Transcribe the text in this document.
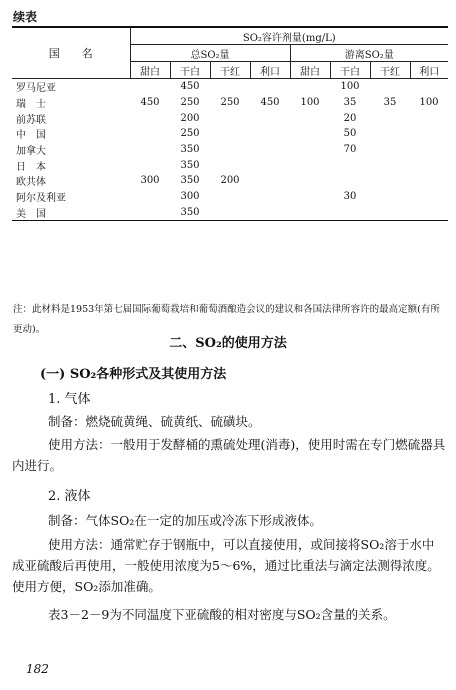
续表
国　　名	SO₂容许剂量(mg/L)							
	总SO₂量				游离SO₂量			
	甜白	干白	干红	利口	甜白	干白	干红	利口
罗马尼亚		450				100		
瑞　士	450	250	250	450	100	35	35	100
前苏联		200				20		
中　国		250				50		
加拿大		350				70		
日　本		350						
欧共体	300	350	200					
阿尔及利亚		300				30		
美　国		350						
注：此材料是1953年第七届国际葡萄栽培和葡萄酒酿造会议的建议和各国法律所容许的最高定额(有所更动)。
二、SO₂的使用方法
(一) SO₂各种形式及其使用方法
1. 气体
制备：燃烧硫黄绳、硫黄纸、硫磺块。
使用方法：一般用于发酵桶的熏硫处理(消毒)，使用时需在专门燃硫器具内进行。
2. 液体
制备：气体SO₂在一定的加压或冷冻下形成液体。
使用方法：通常贮存于钢瓶中，可以直接使用，或间接将SO₂溶于水中成亚硫酸后再使用，一般使用浓度为5～6%，通过比重法与滴定法测得浓度。使用方便，SO₂添加准确。
表3－2－9为不同温度下亚硫酸的相对密度与SO₂含量的关系。
182
